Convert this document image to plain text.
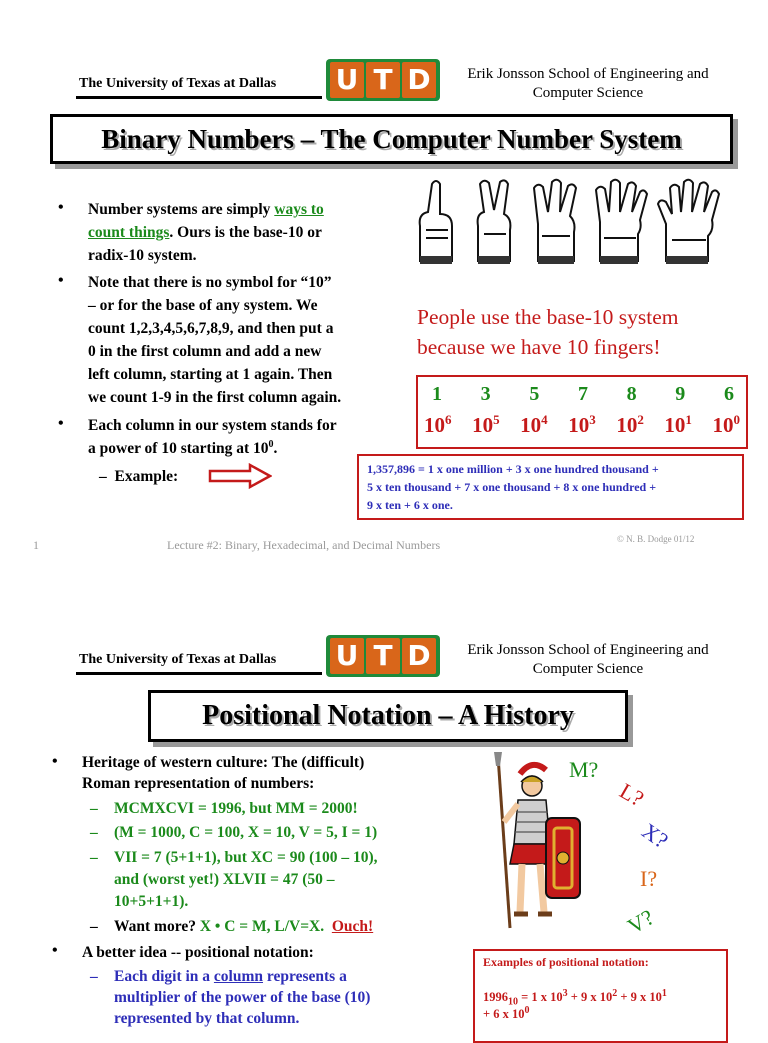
The University of Texas at Dallas U T D	Erik Jonsson School of Engineering and
Computer Science
Binary Numbers – The Computer Number System
• Number systems are simply ways to
count things. Ours is the base-10 or
radix-10 system.
• Note that there is no symbol for “10”
– or for the base of any system. We
count 1,2,3,4,5,6,7,8,9, and then put a
0 in the first column and add a new
left column, starting at 1 again. Then
we count 1-9 in the first column again.
• Each column in our system stands for
a power of 10 starting at $10^0$.
–  Example:
People use the base-10 system
because we have 10 fingers!
1 3 5 7 8 9 6
$10^6$ $10^5$ $10^4$ $10^3$ $10^2$ $10^1$ $10^0$
1,357,896 = 1 x one million + 3 x one hundred thousand +
5 x ten thousand + 7 x one thousand + 8 x one hundred +
9 x ten + 6 x one.
1	Lecture #2: Binary, Hexadecimal, and Decimal Numbers	© N. B. Dodge 01/12
The University of Texas at Dallas U T D	Erik Jonsson School of Engineering and
Computer Science
Positional Notation – A History
• Heritage of western culture: The (difficult)
Roman representation of numbers:
– MCMXCVI = 1996, but MM = 2000!
– (M = 1000, C = 100, X = 10, V = 5, I = 1)
– VII = 7 (5+1+1), but XC = 90 (100 – 10),
and (worst yet!) XLVII = 47 (50 –
10+5+1+1).
– Want more? X • C = M, L/V=X. Ouch!
• A better idea -- positional notation:
– Each digit in a column represents a
multiplier of the power of the base (10)
represented by that column.
M?
L?
X?
I?
V?
Examples of positional notation:
$1996_{10} = 1$ x $10^3 + 9$ x $10^2 + 9$ x $10^1$
+ 6 x $10^0$
